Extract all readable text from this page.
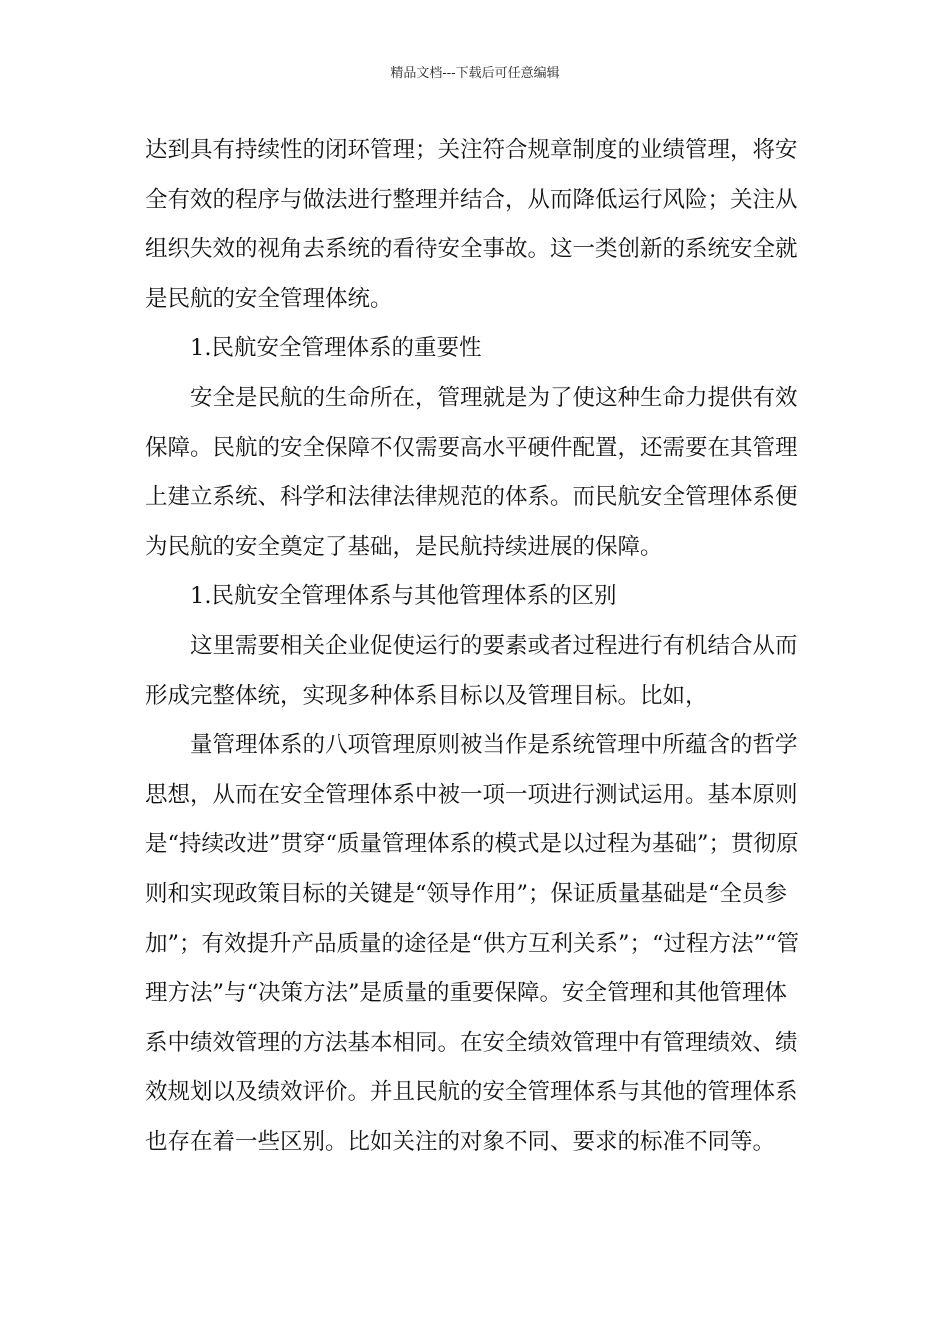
精品文档---下载后可任意编辑

达到具有持续性的闭环管理；关注符合规章制度的业绩管理，将安全有效的程序与做法进行整理并结合，从而降低运行风险；关注从组织失效的视角去系统的看待安全事故。这一类创新的系统安全就是民航的安全管理体统。

1.民航安全管理体系的重要性

安全是民航的生命所在，管理就是为了使这种生命力提供有效保障。民航的安全保障不仅需要高水平硬件配置，还需要在其管理上建立系统、科学和法律法律规范的体系。而民航安全管理体系便为民航的安全奠定了基础，是民航持续进展的保障。

1.民航安全管理体系与其他管理体系的区别

这里需要相关企业促使运行的要素或者过程进行有机结合从而形成完整体统，实现多种体系目标以及管理目标。比如，

量管理体系的八项管理原则被当作是系统管理中所蕴含的哲学思想，从而在安全管理体系中被一项一项进行测试运用。基本原则是“持续改进”贯穿“质量管理体系的模式是以过程为基础”；贯彻原则和实现政策目标的关键是“领导作用”；保证质量基础是“全员参加”；有效提升产品质量的途径是“供方互利关系”；“过程方法”“管理方法”与“决策方法”是质量的重要保障。安全管理和其他管理体系中绩效管理的方法基本相同。在安全绩效管理中有管理绩效、绩效规划以及绩效评价。并且民航的安全管理体系与其他的管理体系也存在着一些区别。比如关注的对象不同、要求的标准不同等。
